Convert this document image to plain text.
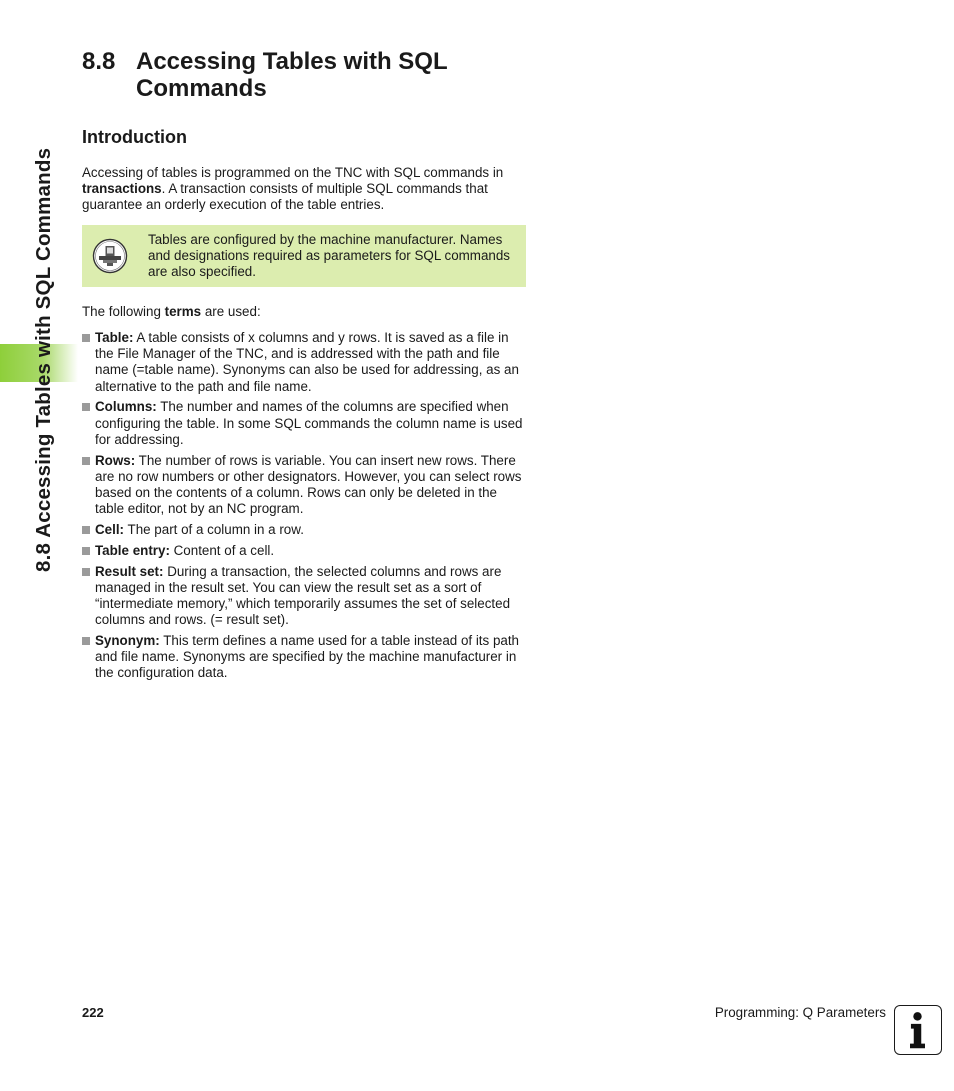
8.8 Accessing Tables with SQL Commands
8.8 Accessing Tables with SQL Commands
Introduction

Accessing of tables is programmed on the TNC with SQL commands in transactions. A transaction consists of multiple SQL commands that guarantee an orderly execution of the table entries.

Tables are configured by the machine manufacturer. Names and designations required as parameters for SQL commands are also specified.
The following terms are used:
Table: A table consists of x columns and y rows. It is saved as a file in the File Manager of the TNC, and is addressed with the path and file name (=table name). Synonyms can also be used for addressing, as an alternative to the path and file name.
Columns: The number and names of the columns are specified when configuring the table. In some SQL commands the column name is used for addressing.
Rows: The number of rows is variable. You can insert new rows. There are no row numbers or other designators. However, you can select rows based on the contents of a column. Rows can only be deleted in the table editor, not by an NC program.
Cell: The part of a column in a row.
Table entry: Content of a cell.
Result set: During a transaction, the selected columns and rows are managed in the result set. You can view the result set as a sort of “intermediate memory,” which temporarily assumes the set of selected columns and rows. (= result set).
Synonym: This term defines a name used for a table instead of its path and file name. Synonyms are specified by the machine manufacturer in the configuration data.
222	Programming: Q Parameters
